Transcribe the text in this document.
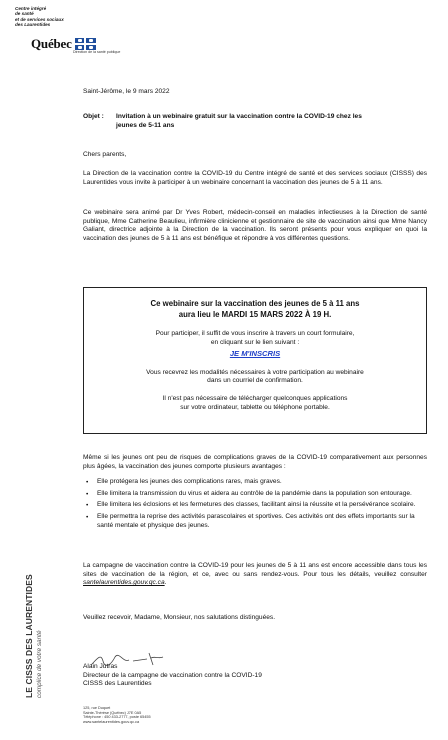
Centre intégré
de santé
et de services sociaux
des Laurentides
Québec
Direction de la santé publique
LE CISSS DES LAURENTIDES complice de votre santé
Saint-Jérôme, le 9 mars 2022
Objet :	Invitation à un webinaire gratuit sur la vaccination contre la COVID-19 chez les jeunes de 5-11 ans
Chers parents,
La Direction de la vaccination contre la COVID-19 du Centre intégré de santé et des services sociaux (CISSS) des Laurentides vous invite à participer à un webinaire concernant la vaccination des jeunes de 5 à 11 ans.
Ce webinaire sera animé par Dr Yves Robert, médecin-conseil en maladies infectieuses à la Direction de santé publique, Mme Catherine Beaulieu, infirmière clinicienne et gestionnaire de site de vaccination ainsi que Mme Nancy Galiant, directrice adjointe à la Direction de la vaccination. Ils seront présents pour vous expliquer en quoi la vaccination des jeunes de 5 à 11 ans est bénéfique et répondre à vos différentes questions.
Ce webinaire sur la vaccination des jeunes de 5 à 11 ans
aura lieu le MARDI 15 MARS 2022 À 19 H.
Pour participer, il suffit de vous inscrire à travers un court formulaire,
en cliquant sur le lien suivant :
JE M'INSCRIS
Vous recevrez les modalités nécessaires à votre participation au webinaire
dans un courriel de confirmation.
Il n'est pas nécessaire de télécharger quelconques applications
sur votre ordinateur, tablette ou téléphone portable.
Même si les jeunes ont peu de risques de complications graves de la COVID-19 comparativement aux personnes plus âgées, la vaccination des jeunes comporte plusieurs avantages :
• Elle protégera les jeunes des complications rares, mais graves.
• Elle limitera la transmission du virus et aidera au contrôle de la pandémie dans la population son entourage.
• Elle limitera les éclosions et les fermetures des classes, facilitant ainsi la réussite et la persévérance scolaire.
• Elle permettra la reprise des activités parascolaires et sportives. Ces activités ont des effets importants sur la santé mentale et physique des jeunes.
La campagne de vaccination contre la COVID-19 pour les jeunes de 5 à 11 ans est encore accessible dans tous les sites de vaccination de la région, et ce, avec ou sans rendez-vous. Pour tous les détails, veuillez consulter santelaurentides.gouv.qc.ca.
Veuillez recevoir, Madame, Monsieur, nos salutations distinguées.
Alain Jutras
Directeur de la campagne de vaccination contre la COVID-19
CISSS des Laurentides
125, rue Duquet
Sainte-Thérèse (Québec) J7E 0A5
Téléphone : 450 433-2777, poste 65455
www.santelaurentides.gouv.qc.ca
